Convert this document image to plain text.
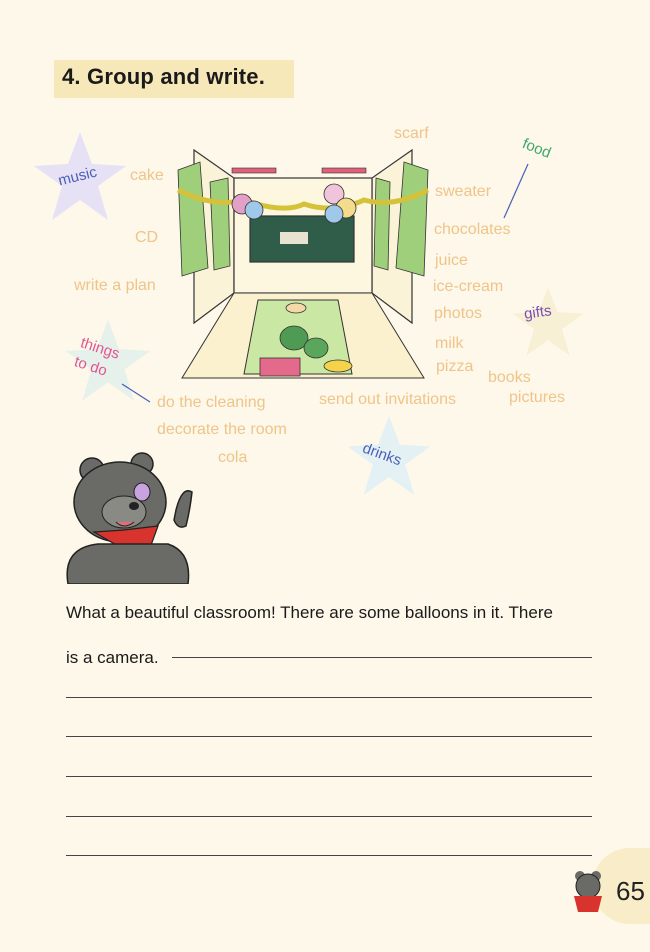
4. Group and write.
music
food
gifts
things
to do
drinks
scarf
cake
sweater
CD	chocolates
juice
write a plan	ice-cream
photos
milk
pizza
books
pictures
do the cleaning	send out invitations
decorate the room
cola
What a beautiful classroom! There are some balloons in it. There
is a camera.
65
